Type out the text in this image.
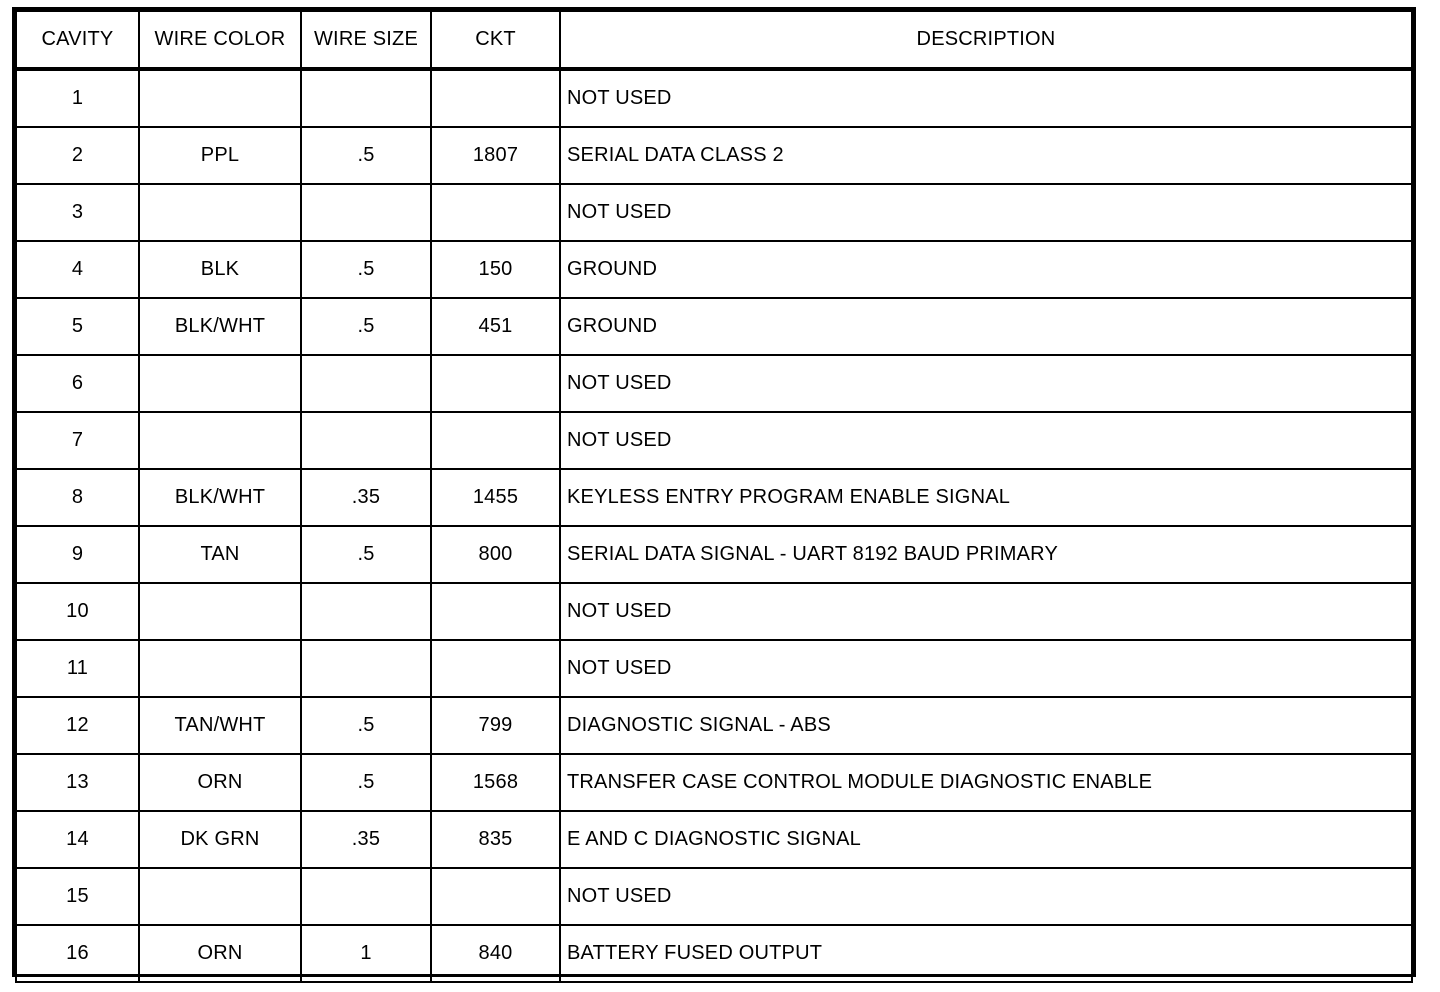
CAVITY	WIRE COLOR	WIRE SIZE	CKT	DESCRIPTION
1				NOT USED
2	PPL	.5	1807	SERIAL DATA CLASS 2
3				NOT USED
4	BLK	.5	150	GROUND
5	BLK/WHT	.5	451	GROUND
6				NOT USED
7				NOT USED
8	BLK/WHT	.35	1455	KEYLESS ENTRY PROGRAM ENABLE SIGNAL
9	TAN	.5	800	SERIAL DATA SIGNAL - UART 8192 BAUD PRIMARY
10				NOT USED
11				NOT USED
12	TAN/WHT	.5	799	DIAGNOSTIC SIGNAL - ABS
13	ORN	.5	1568	TRANSFER CASE CONTROL MODULE DIAGNOSTIC ENABLE
14	DK GRN	.35	835	E AND C DIAGNOSTIC SIGNAL
15				NOT USED
16	ORN	1	840	BATTERY FUSED OUTPUT
